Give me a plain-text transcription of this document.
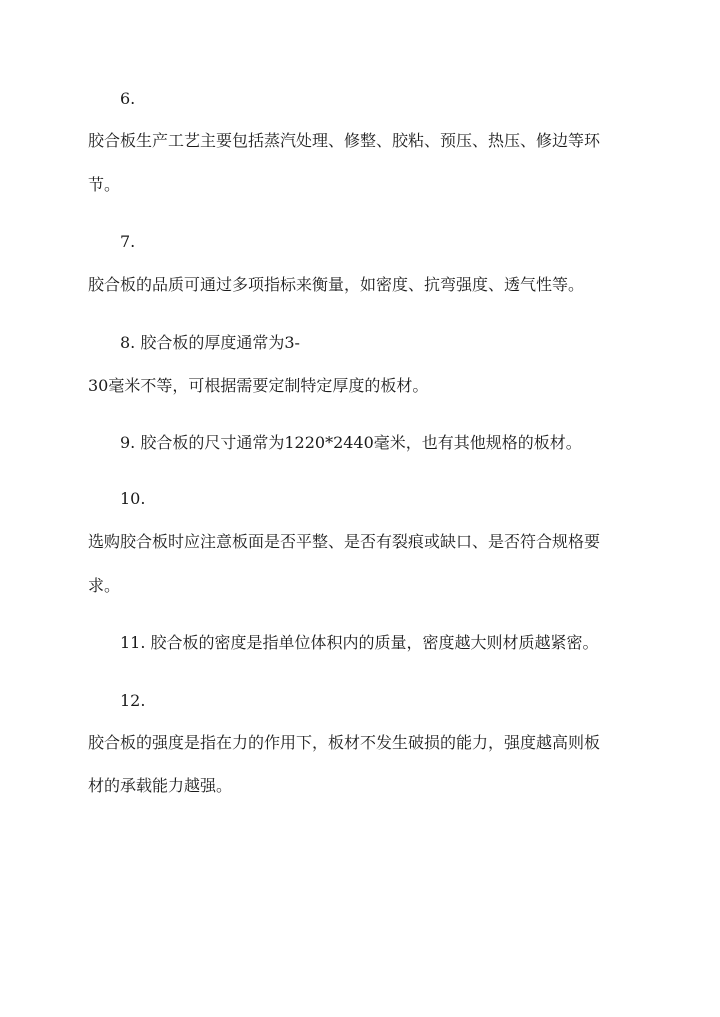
6.
胶合板生产工艺主要包括蒸汽处理、修整、胶粘、预压、热压、修边等环
节。
7.
胶合板的品质可通过多项指标来衡量，如密度、抗弯强度、透气性等。
8. 胶合板的厚度通常为3-
30毫米不等，可根据需要定制特定厚度的板材。
9. 胶合板的尺寸通常为1220*2440毫米，也有其他规格的板材。
10.
选购胶合板时应注意板面是否平整、是否有裂痕或缺口、是否符合规格要
求。
11. 胶合板的密度是指单位体积内的质量，密度越大则材质越紧密。
12.
胶合板的强度是指在力的作用下，板材不发生破损的能力，强度越高则板
材的承载能力越强。
